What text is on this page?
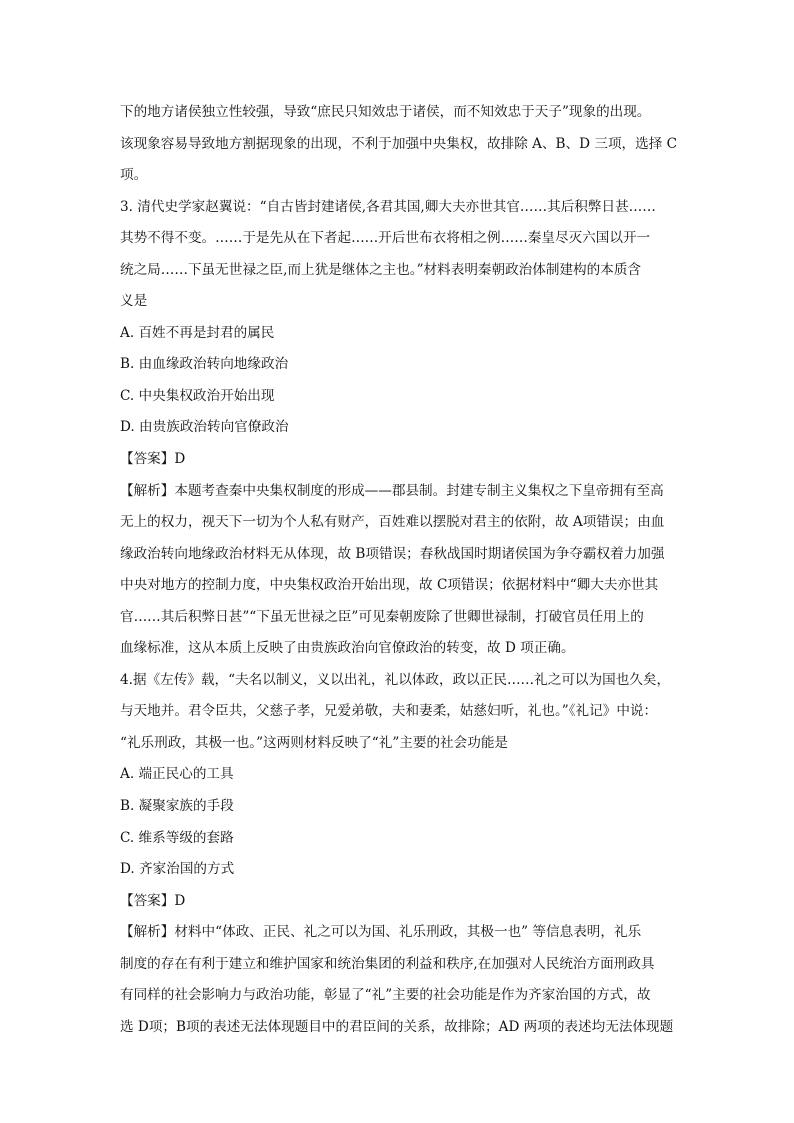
下的地方诸侯独立性较强，导致“庶民只知效忠于诸侯，而不知效忠于天子”现象的出现。
该现象容易导致地方割据现象的出现，不利于加强中央集权，故排除 A、B、D 三项，选择 C
项。
3. 清代史学家赵翼说：“自古皆封建诸侯,各君其国,卿大夫亦世其官……其后积弊日甚……
其势不得不变。……于是先从在下者起……开后世布衣将相之例……秦皇尽灭六国以开一
统之局……下虽无世禄之臣,而上犹是继体之主也。”材料表明秦朝政治体制建构的本质含
义是
A. 百姓不再是封君的属民
B. 由血缘政治转向地缘政治
C. 中央集权政治开始出现
D. 由贵族政治转向官僚政治
【答案】D
【解析】本题考查秦中央集权制度的形成——郡县制。封建专制主义集权之下皇帝拥有至高
无上的权力，视天下一切为个人私有财产，百姓难以摆脱对君主的依附，故 A项错误；由血
缘政治转向地缘政治材料无从体现，故 B项错误；春秋战国时期诸侯国为争夺霸权着力加强
中央对地方的控制力度，中央集权政治开始出现，故 C项错误；依据材料中“卿大夫亦世其
官……其后积弊日甚”“下虽无世禄之臣”可见秦朝废除了世卿世禄制，打破官员任用上的
血缘标准，这从本质上反映了由贵族政治向官僚政治的转变，故 D 项正确。
4.据《左传》载，“夫名以制义，义以出礼，礼以体政，政以正民……礼之可以为国也久矣，
与天地并。君令臣共，父慈子孝，兄爱弟敬，夫和妻柔，姑慈妇听，礼也。”《礼记》中说：
“礼乐刑政，其极一也。”这两则材料反映了“礼”主要的社会功能是
A. 端正民心的工具
B. 凝聚家族的手段
C. 维系等级的套路
D. 齐家治国的方式
【答案】D
【解析】材料中“体政、正民、礼之可以为国、礼乐刑政，其极一也” 等信息表明，礼乐
制度的存在有利于建立和维护国家和统治集团的利益和秩序,在加强对人民统治方面刑政具
有同样的社会影响力与政治功能，彰显了“礼”主要的社会功能是作为齐家治国的方式，故
选 D项；B项的表述无法体现题目中的君臣间的关系，故排除；AD 两项的表述均无法体现题
